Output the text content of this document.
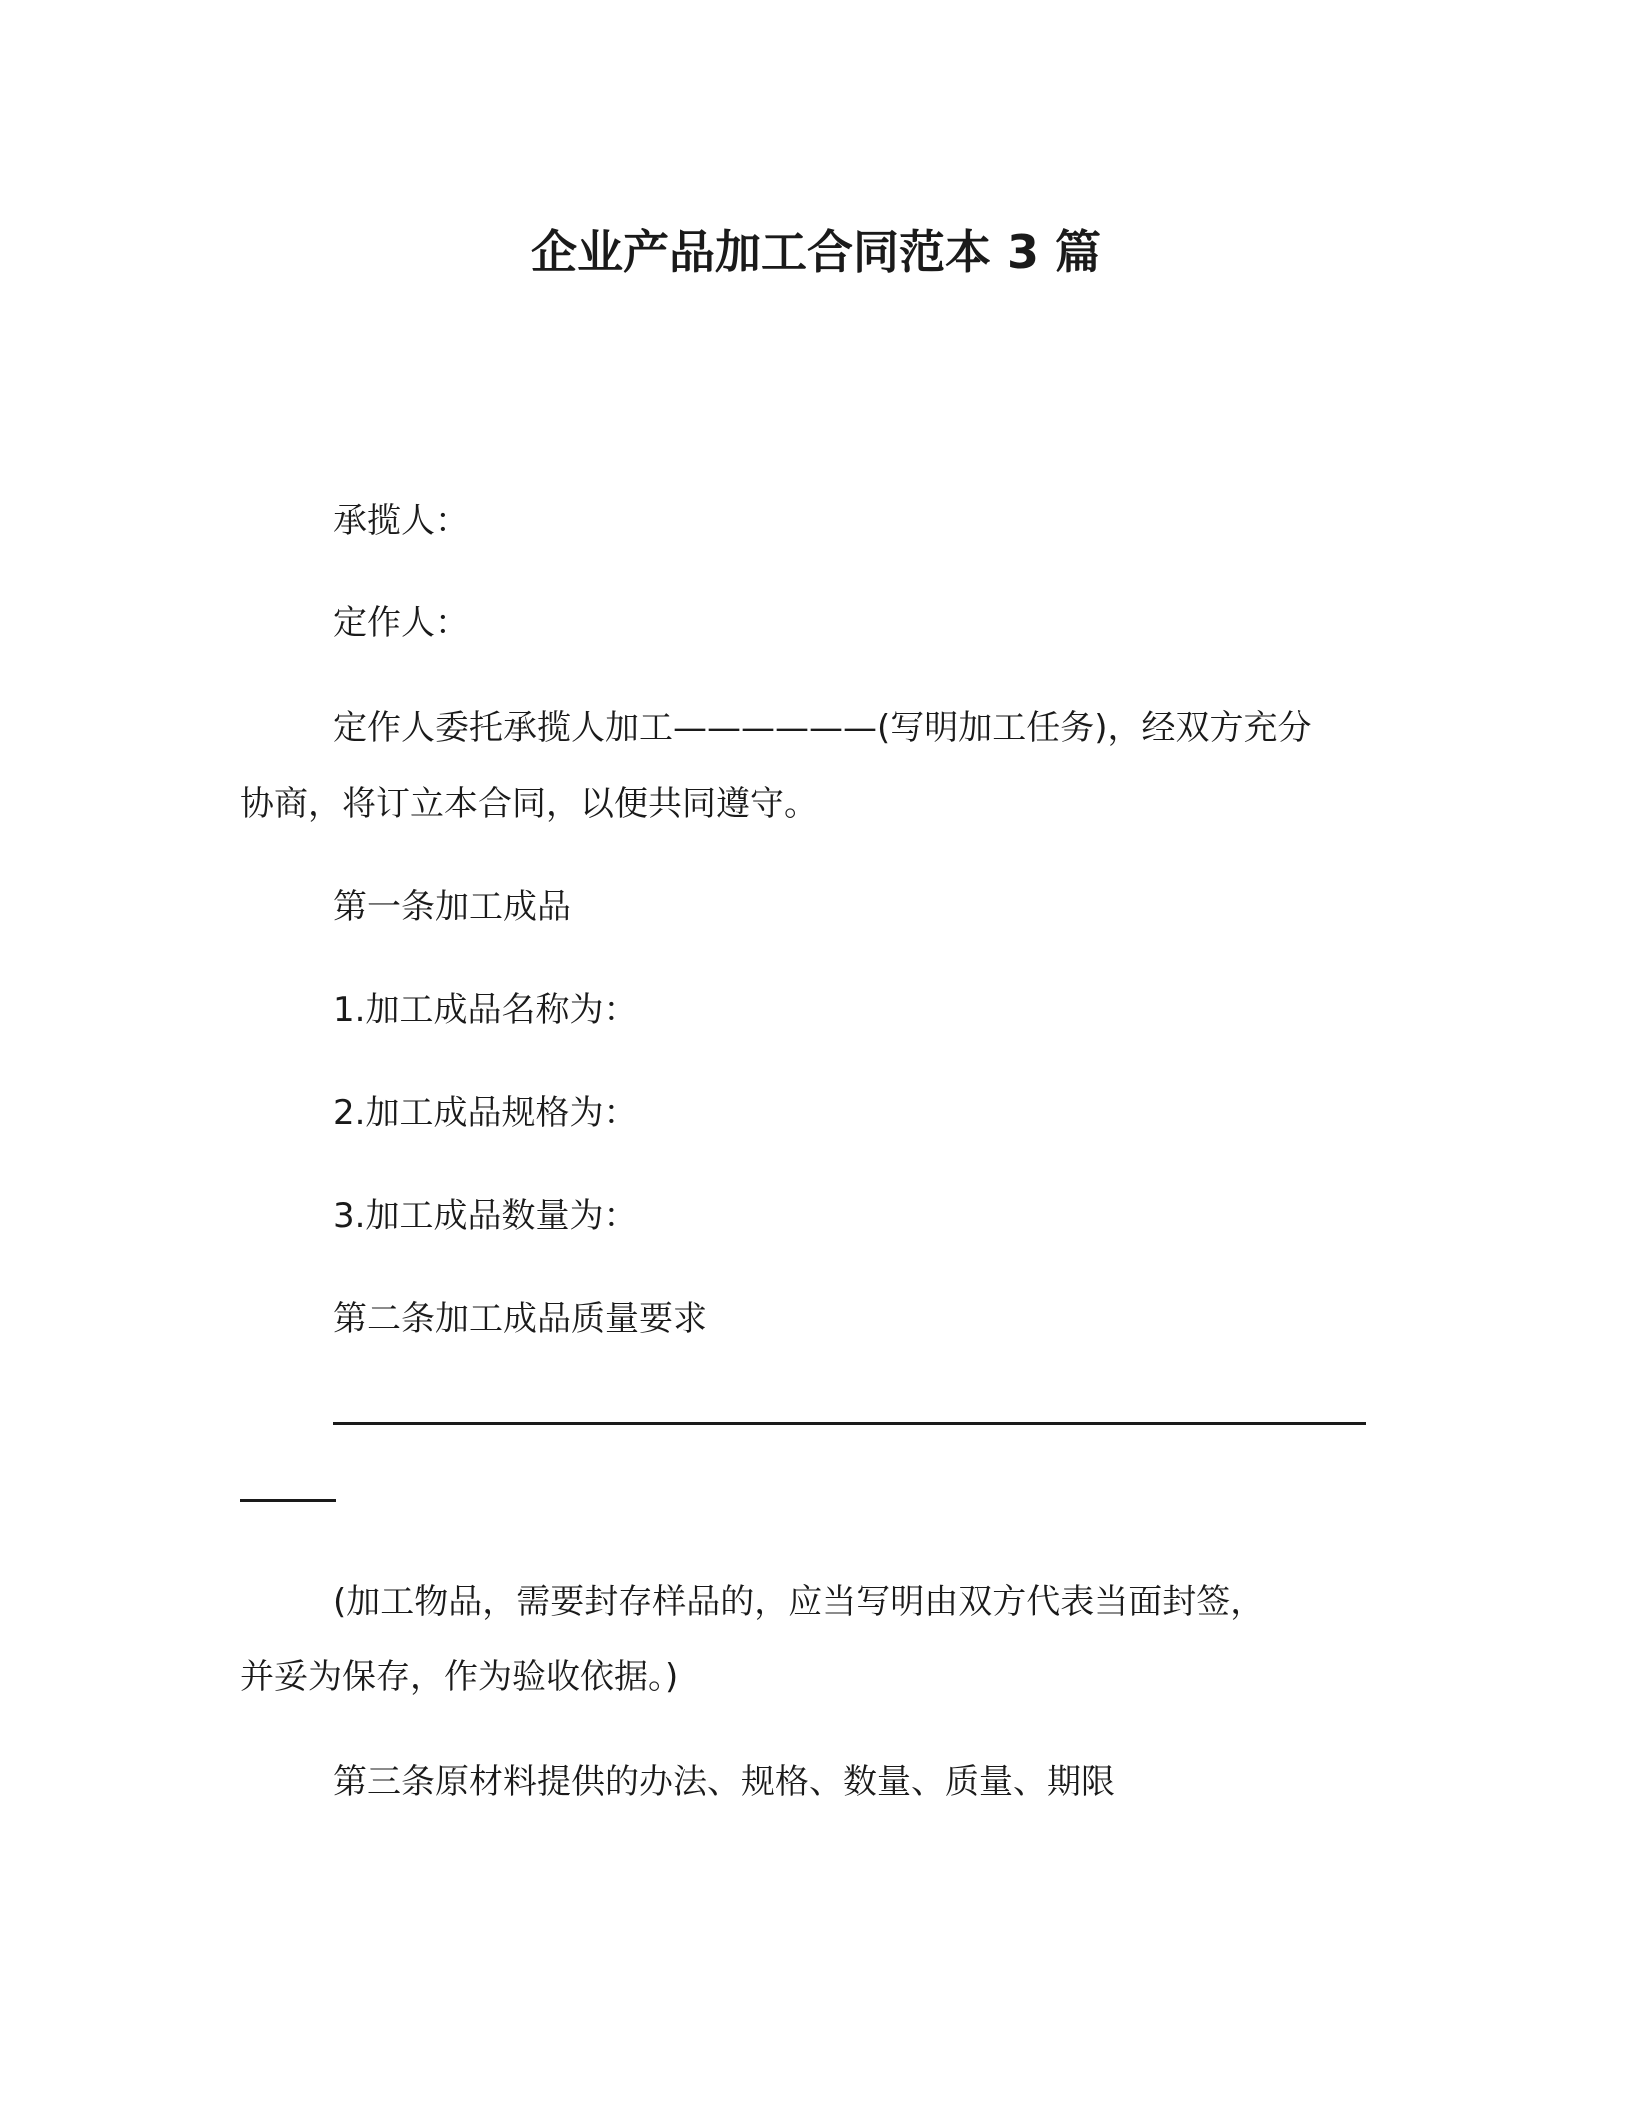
企业产品加工合同范本 3 篇
承揽人：
定作人：
定作人委托承揽人加工——————(写明加工任务)，经双方充分
协商，将订立本合同，以便共同遵守。
第一条加工成品
1.加工成品名称为：
2.加工成品规格为：
3.加工成品数量为：
第二条加工成品质量要求
(加工物品，需要封存样品的，应当写明由双方代表当面封签，
并妥为保存，作为验收依据。)
第三条原材料提供的办法、规格、数量、质量、期限
